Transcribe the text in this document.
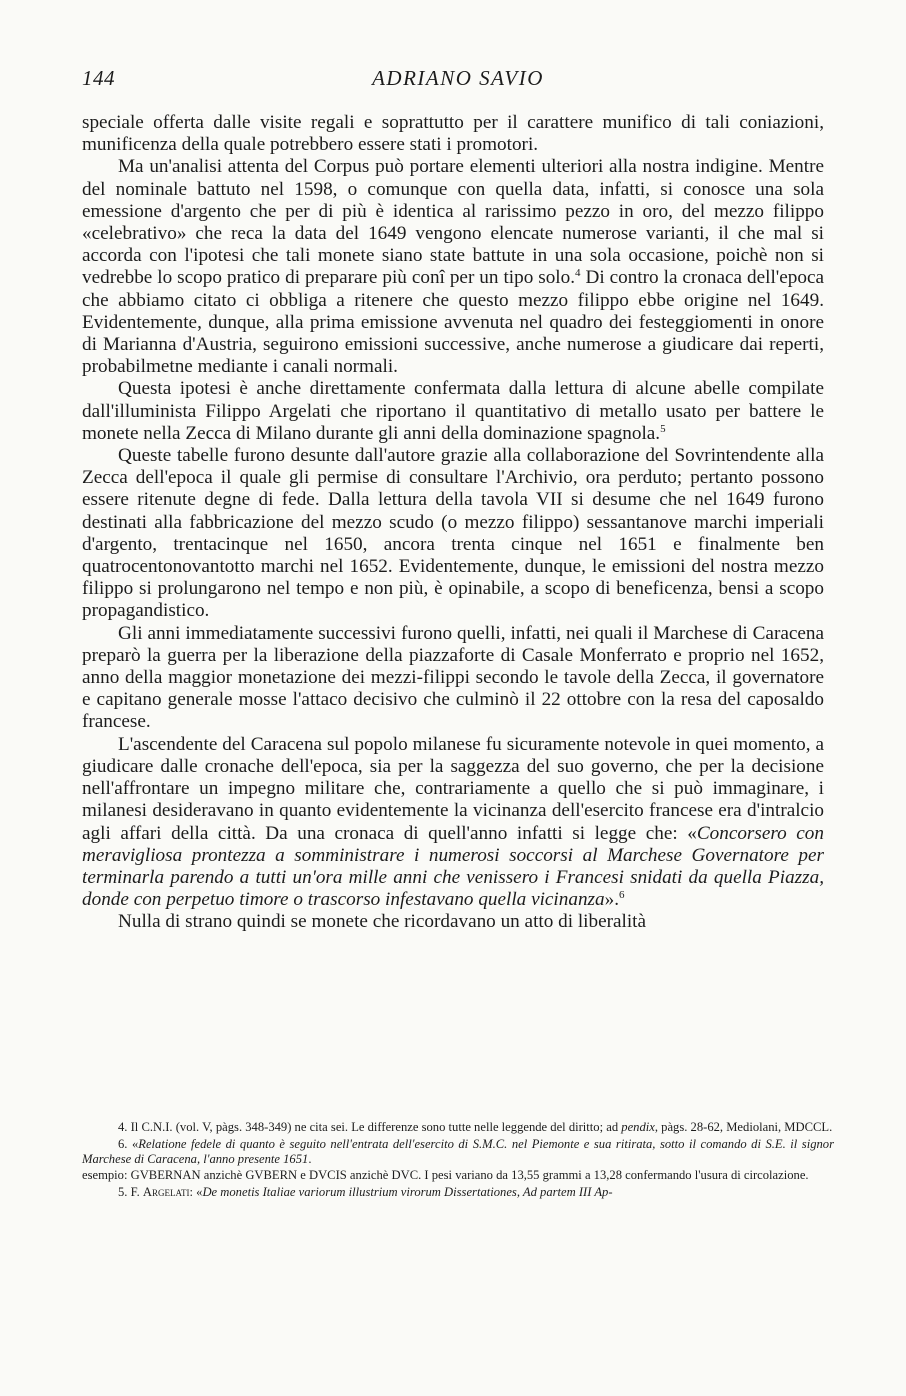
144	ADRIANO SAVIO

speciale offerta dalle visite regali e soprattutto per il carattere munifico di tali coniazioni, munificenza della quale potrebbero essere stati i promotori.

Ma un'analisi attenta del Corpus può portare elementi ulteriori alla nostra indigine. Mentre del nominale battuto nel 1598, o comunque con quella data, infatti, si conosce una sola emessione d'argento che per di più è identica al rarissimo pezzo in oro, del mezzo filippo «celebrativo» che reca la data del 1649 vengono elencate numerose varianti, il che mal si accorda con l'ipotesi che tali monete siano state battute in una sola occasione, poichè non si vedrebbe lo scopo pratico di preparare più conî per un tipo solo.$^4$ Di contro la cronaca dell'epoca che abbiamo citato ci obbliga a ritenere che questo mezzo filippo ebbe origine nel 1649. Evidentemente, dunque, alla prima emissione avvenuta nel quadro dei festeggiomenti in onore di Marianna d'Austria, seguirono emissioni successive, anche numerose a giudicare dai reperti, probabilmetne mediante i canali normali.

Questa ipotesi è anche direttamente confermata dalla lettura di alcune abelle compilate dall'illuminista Filippo Argelati che riportano il quantitativo di metallo usato per battere le monete nella Zecca di Milano durante gli anni della dominazione spagnola.$^5$

Queste tabelle furono desunte dall'autore grazie alla collaborazione del Sovrintendente alla Zecca dell'epoca il quale gli permise di consultare l'Archivio, ora perduto; pertanto possono essere ritenute degne di fede. Dalla lettura della tavola VII si desume che nel 1649 furono destinati alla fabbricazione del mezzo scudo (o mezzo filippo) sessantanove marchi imperiali d'argento, trentacinque nel 1650, ancora trenta cinque nel 1651 e finalmente ben quatrocentonovantotto marchi nel 1652. Evidentemente, dunque, le emissioni del nostra mezzo filippo si prolungarono nel tempo e non più, è opinabile, a scopo di beneficenza, bensi a scopo propagandistico.

Gli anni immediatamente successivi furono quelli, infatti, nei quali il Marchese di Caracena preparò la guerra per la liberazione della piazzaforte di Casale Monferrato e proprio nel 1652, anno della maggior monetazione dei mezzi-filippi secondo le tavole della Zecca, il governatore e capitano generale mosse l'attaco decisivo che culminò il 22 ottobre con la resa del caposaldo francese.

L'ascendente del Caracena sul popolo milanese fu sicuramente notevole in quei momento, a giudicare dalle cronache dell'epoca, sia per la saggezza del suo governo, che per la decisione nell'affrontare un impegno militare che, contrariamente a quello che si può immaginare, i milanesi desideravano in quanto evidentemente la vicinanza dell'esercito francese era d'intralcio agli affari della città. Da una cronaca di quell'anno infatti si legge che: «Concorsero con meravigliosa prontezza a somministrare i numerosi soccorsi al Marchese Governatore per terminarla parendo a tutti un'ora mille anni che venissero i Francesi snidati da quella Piazza, donde con perpetuo timore o trascorso infestavano quella vicinanza».$^6$

Nulla di strano quindi se monete che ricordavano un atto di liberalità

4. Il C.N.I. (vol. V, pàgs. 348-349) ne cita sei. Le differenze sono tutte nelle leggende del diritto; ad pendix, pàgs. 28-62, Mediolani, MDCCL.

6. «Relatione fedele di quanto è seguito nell'entrata dell'esercito di S.M.C. nel Piemonte e sua ritirata, sotto il comando di S.E. il signor Marchese di Caracena, l'anno presente 1651.

esempio: GVBERNAN anzichè GVBERN e DVCIS anzichè DVC. I pesi variano da 13,55 grammi a 13,28 confermando l'usura di circolazione.

5. F. Argelati: «De monetis Italiae variorum illustrium virorum Dissertationes, Ad partem III Ap-
